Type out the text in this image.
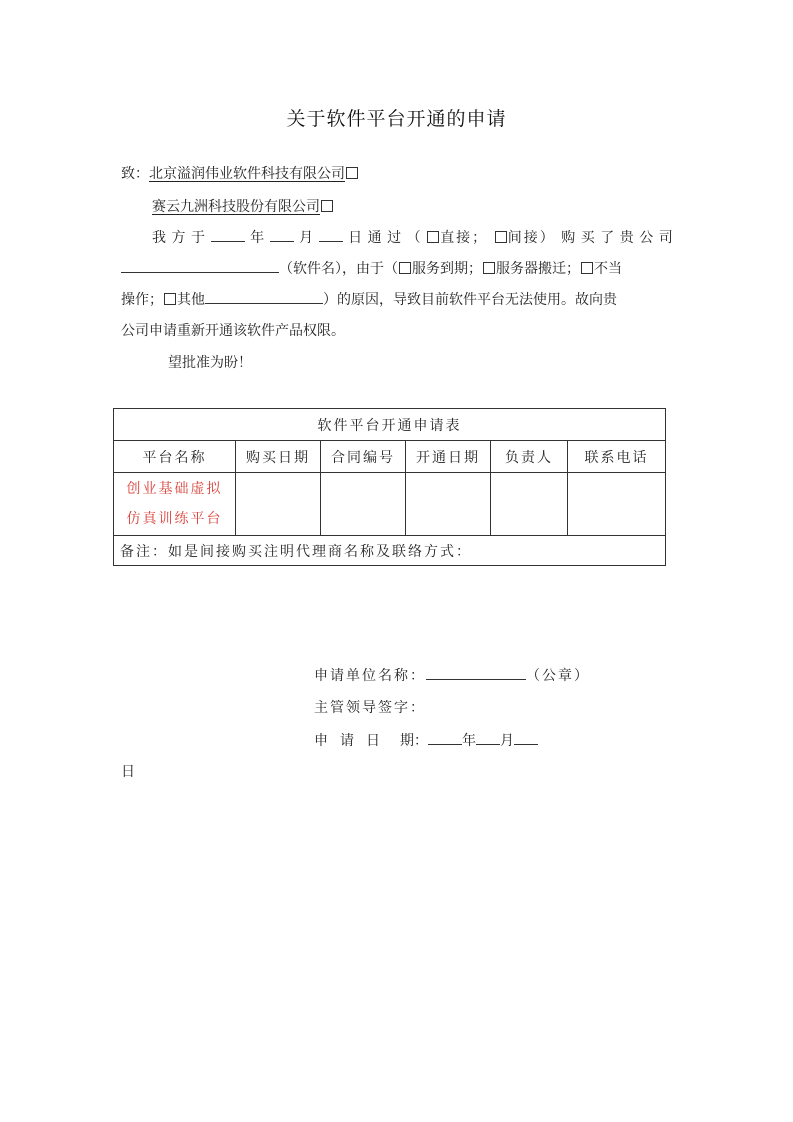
关于软件平台开通的申请
致：北京溢润伟业软件科技有限公司
赛云九洲科技股份有限公司
我 方 于	年	月	日 通 过 （	直接；	间接） 购 买 了 贵 公 司
（软件名），由于（ 服务到期； 服务器搬迁； 不当
操作； 其他	）的原因，导致目前软件平台无法使用。故向贵
公司申请重新开通该软件产品权限。
望批准为盼！
软件平台开通申请表					
平台名称	购买日期	合同编号	开通日期	负责人	联系电话

创业基础虚拟
仿真训练平台					

备注：如是间接购买注明代理商名称及联络方式：					
申请单位名称：	（公章）
主管领导签字：
申 请 日 期： 年 月
日
